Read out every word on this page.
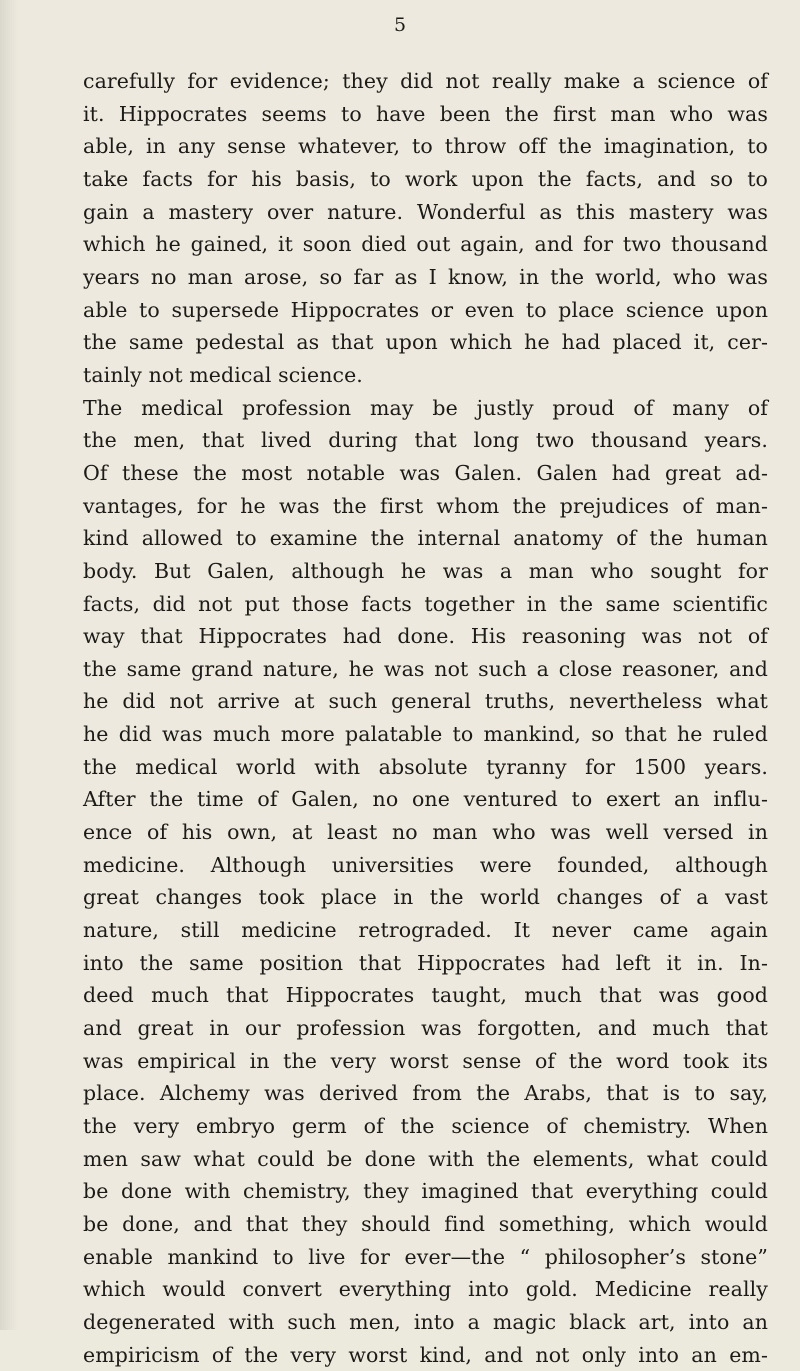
5
carefully for evidence; they did not really make a science of
it. Hippocrates seems to have been the first man who was
able, in any sense whatever, to throw off the imagination, to
take facts for his basis, to work upon the facts, and so to
gain a mastery over nature. Wonderful as this mastery was
which he gained, it soon died out again, and for two thousand
years no man arose, so far as I know, in the world, who was
able to supersede Hippocrates or even to place science upon
the same pedestal as that upon which he had placed it, cer-
tainly not medical science.
The medical profession may be justly proud of many of
the men, that lived during that long two thousand years.
Of these the most notable was Galen. Galen had great ad-
vantages, for he was the first whom the prejudices of man-
kind allowed to examine the internal anatomy of the human
body. But Galen, although he was a man who sought for
facts, did not put those facts together in the same scientific
way that Hippocrates had done. His reasoning was not of
the same grand nature, he was not such a close reasoner, and
he did not arrive at such general truths, nevertheless what
he did was much more palatable to mankind, so that he ruled
the medical world with absolute tyranny for 1500 years.
After the time of Galen, no one ventured to exert an influ-
ence of his own, at least no man who was well versed in
medicine. Although universities were founded, although
great changes took place in the world changes of a vast
nature, still medicine retrograded. It never came again
into the same position that Hippocrates had left it in. In-
deed much that Hippocrates taught, much that was good
and great in our profession was forgotten, and much that
was empirical in the very worst sense of the word took its
place. Alchemy was derived from the Arabs, that is to say,
the very embryo germ of the science of chemistry. When
men saw what could be done with the elements, what could
be done with chemistry, they imagined that everything could
be done, and that they should find something, which would
enable mankind to live for ever—the “ philosopher’s stone”
which would convert everything into gold. Medicine really
degenerated with such men, into a magic black art, into an
empiricism of the very worst kind, and not only into an em-
